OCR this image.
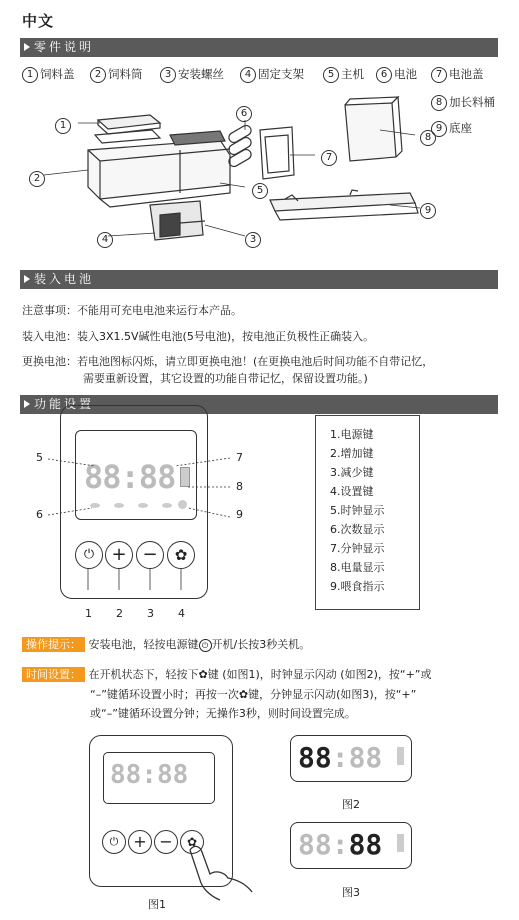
中文
零件说明
1 饲料盖	2 饲料筒	3 安装螺丝	4 固定支架	5 主机	6 电池	7 电池盖
8 加长料桶
9 底座
1
2
6
7
8
5
4	3
9
装入电池
注意事项：不能用可充电电池来运行本产品。
装入电池：装入3X1.5V碱性电池(5号电池)，按电池正负极性正确装入。
更换电池：若电池图标闪烁，请立即更换电池！(在更换电池后时间功能不自带记忆，
需要重新设置，其它设置的功能自带记忆，保留设置功能。)
功能设置
88:88
⏻ + −	✿
5	7
8
6	9
1 2 3 4
1.电源键
2.增加键
3.减少键
4.设置键
5.时钟显示
6.次数显示
7.分钟显示
8.电量显示
9.喂食指示
操作提示： 安装电池，轻按电源键 ⏻ 开机/长按3秒关机。
时间设置： 在开机状态下，轻按下✿键 (如图1)，时钟显示闪动 (如图2)，按“+”或
“–”键循环设置小时；再按一次✿键，分钟显示闪动(如图3)，按“+”
或“–”键循环设置分钟；无操作3秒，则时间设置完成。
88:88
⏻ + −	✿
图1
88:88
图2
88:88
图3
